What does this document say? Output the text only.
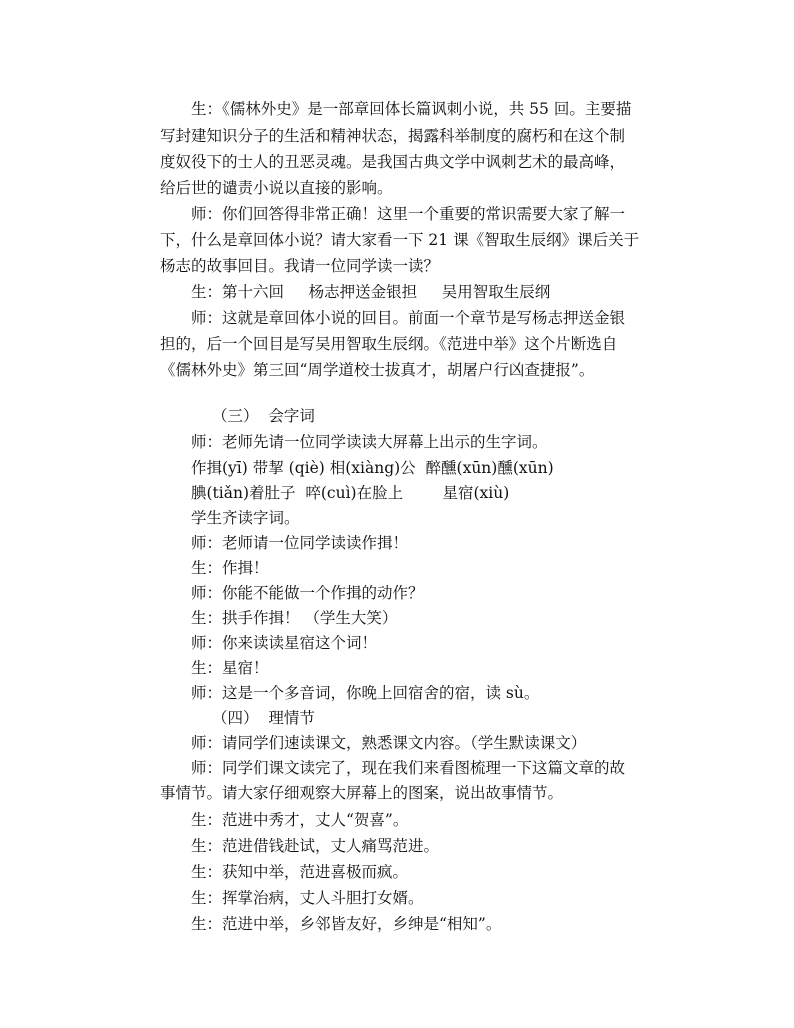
生：《儒林外史》是一部章回体长篇讽刺小说，共 55 回。主要描
写封建知识分子的生活和精神状态，揭露科举制度的腐朽和在这个制
度奴役下的士人的丑恶灵魂。是我国古典文学中讽刺艺术的最高峰，
给后世的谴责小说以直接的影响。
师：你们回答得非常正确！这里一个重要的常识需要大家了解一
下，什么是章回体小说？请大家看一下 21 课《智取生辰纲》课后关于
杨志的故事回目。我请一位同学读一读？
生：第十六回     杨志押送金银担     吴用智取生辰纲
师：这就是章回体小说的回目。前面一个章节是写杨志押送金银
担的，后一个回目是写吴用智取生辰纲。《范进中举》这个片断选自
《儒林外史》第三回“周学道校士拔真才，胡屠户行凶查捷报”。
（三）  会字词
师：老师先请一位同学读读大屏幕上出示的生字词。
作揖(yī) 带挈 (qiè) 相(xiàng)公  醉醺(xūn)醺(xūn)
腆(tiǎn)着肚子  啐(cuì)在脸上        星宿(xiù)
学生齐读字词。
师：老师请一位同学读读作揖！
生：作揖！
师：你能不能做一个作揖的动作？
生：拱手作揖！ （学生大笑）
师：你来读读星宿这个词！
生：星宿！
师：这是一个多音词，你晚上回宿舍的宿，读 sù。
（四）  理情节
师：请同学们速读课文，熟悉课文内容。（学生默读课文）
师：同学们课文读完了，现在我们来看图梳理一下这篇文章的故
事情节。请大家仔细观察大屏幕上的图案，说出故事情节。
生：范进中秀才，丈人“贺喜”。
生：范进借钱赴试，丈人痛骂范进。
生：获知中举，范进喜极而疯。
生：挥掌治病，丈人斗胆打女婿。
生：范进中举，乡邻皆友好，乡绅是“相知”。
